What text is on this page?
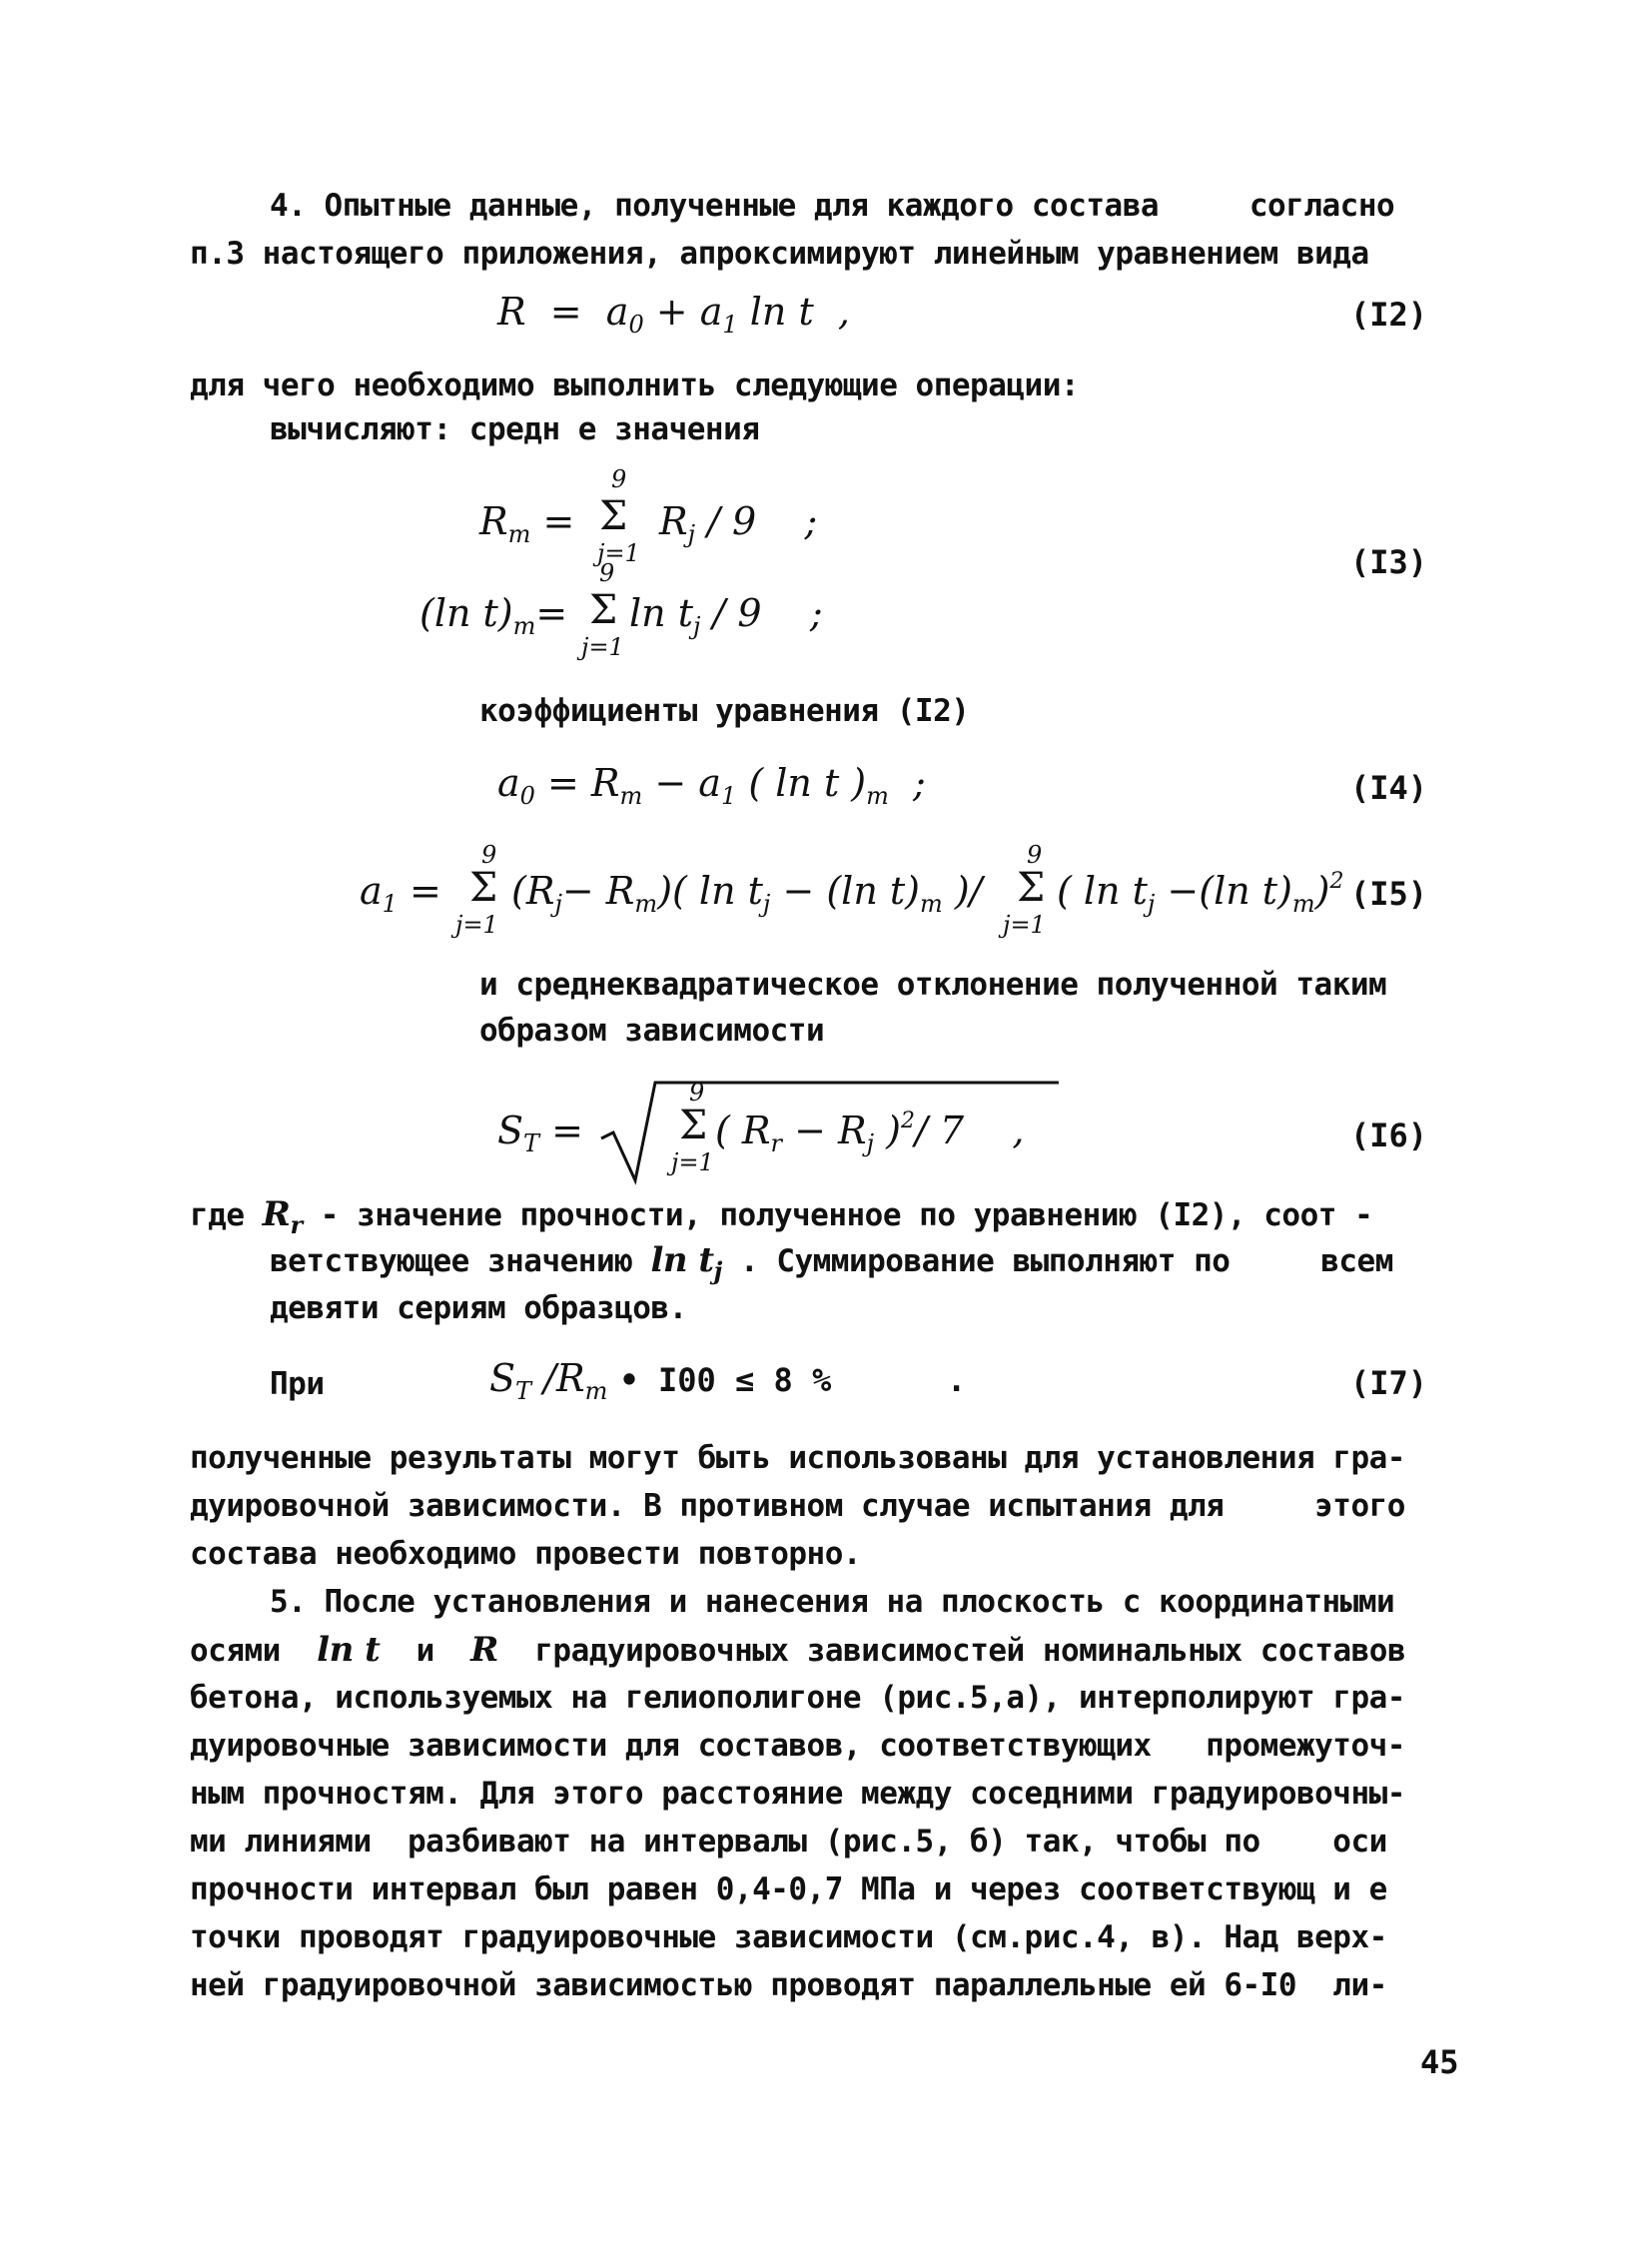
4. Опытные данные, полученные для каждого состава     согласно
п.3 настоящего приложения, апроксимируют линейным уравнением вида
$R = a_0 + a_1$ ln t  ,	(I2)
для чего необходимо выполнить следующие операции:
вычисляют: средн е значения
$R_m$ =
9
Σ
j=1
$R_j / 9$    ;
(ln $t)_m=$
9
Σ
j=1
$\ln t_j / 9$    ;
(I3)
коэффициенты уравнения (I2)
$a_0 = R_m - a_1$ ( ln t )$_m$  ;	(I4)
$a_1$ =
9
Σ
j=1
$(R_j- R_m)$( $\ln t_j - (\ln$ $t)_m$ )/
9
Σ
j=1
( $\ln t_j -(\ln$ $t)_m)^2$ (I5)
и среднеквадратическое отклонение полученной таким
образом зависимости
$S_T$ =
9
Σ
j=1
( $R_r - R_j$ )$^2$/ 7    ,	(I6)
где $R_r$ - значение прочности, полученное по уравнению (I2), соот -
ветствующее значению $\ln t_j$ . Суммирование выполняют по     всем
девяти сериям образцов.
При	$S_T$ $/R_m$ • I00 ≤ 8 %      .	(I7)
полученные результаты могут быть использованы для установления гра-
дуировочной зависимости. В противном случае испытания для     этого
состава необходимо провести повторно.
5. После установления и нанесения на плоскость с координатными
осями ln t и R градуировочных зависимостей номинальных составов
бетона, используемых на гелиополигоне (рис.5,а), интерполируют гра-
дуировочные зависимости для составов, соответствующих   промежуточ-
ным прочностям. Для этого расстояние между соседними градуировочны-
ми линиями  разбивают на интервалы (рис.5, б) так, чтобы по    оси
прочности интервал был равен 0,4-0,7 МПа и через соответствующ и е
точки проводят градуировочные зависимости (см.рис.4, в). Над верх-
ней градуировочной зависимостью проводят параллельные ей 6-I0  ли-
45
